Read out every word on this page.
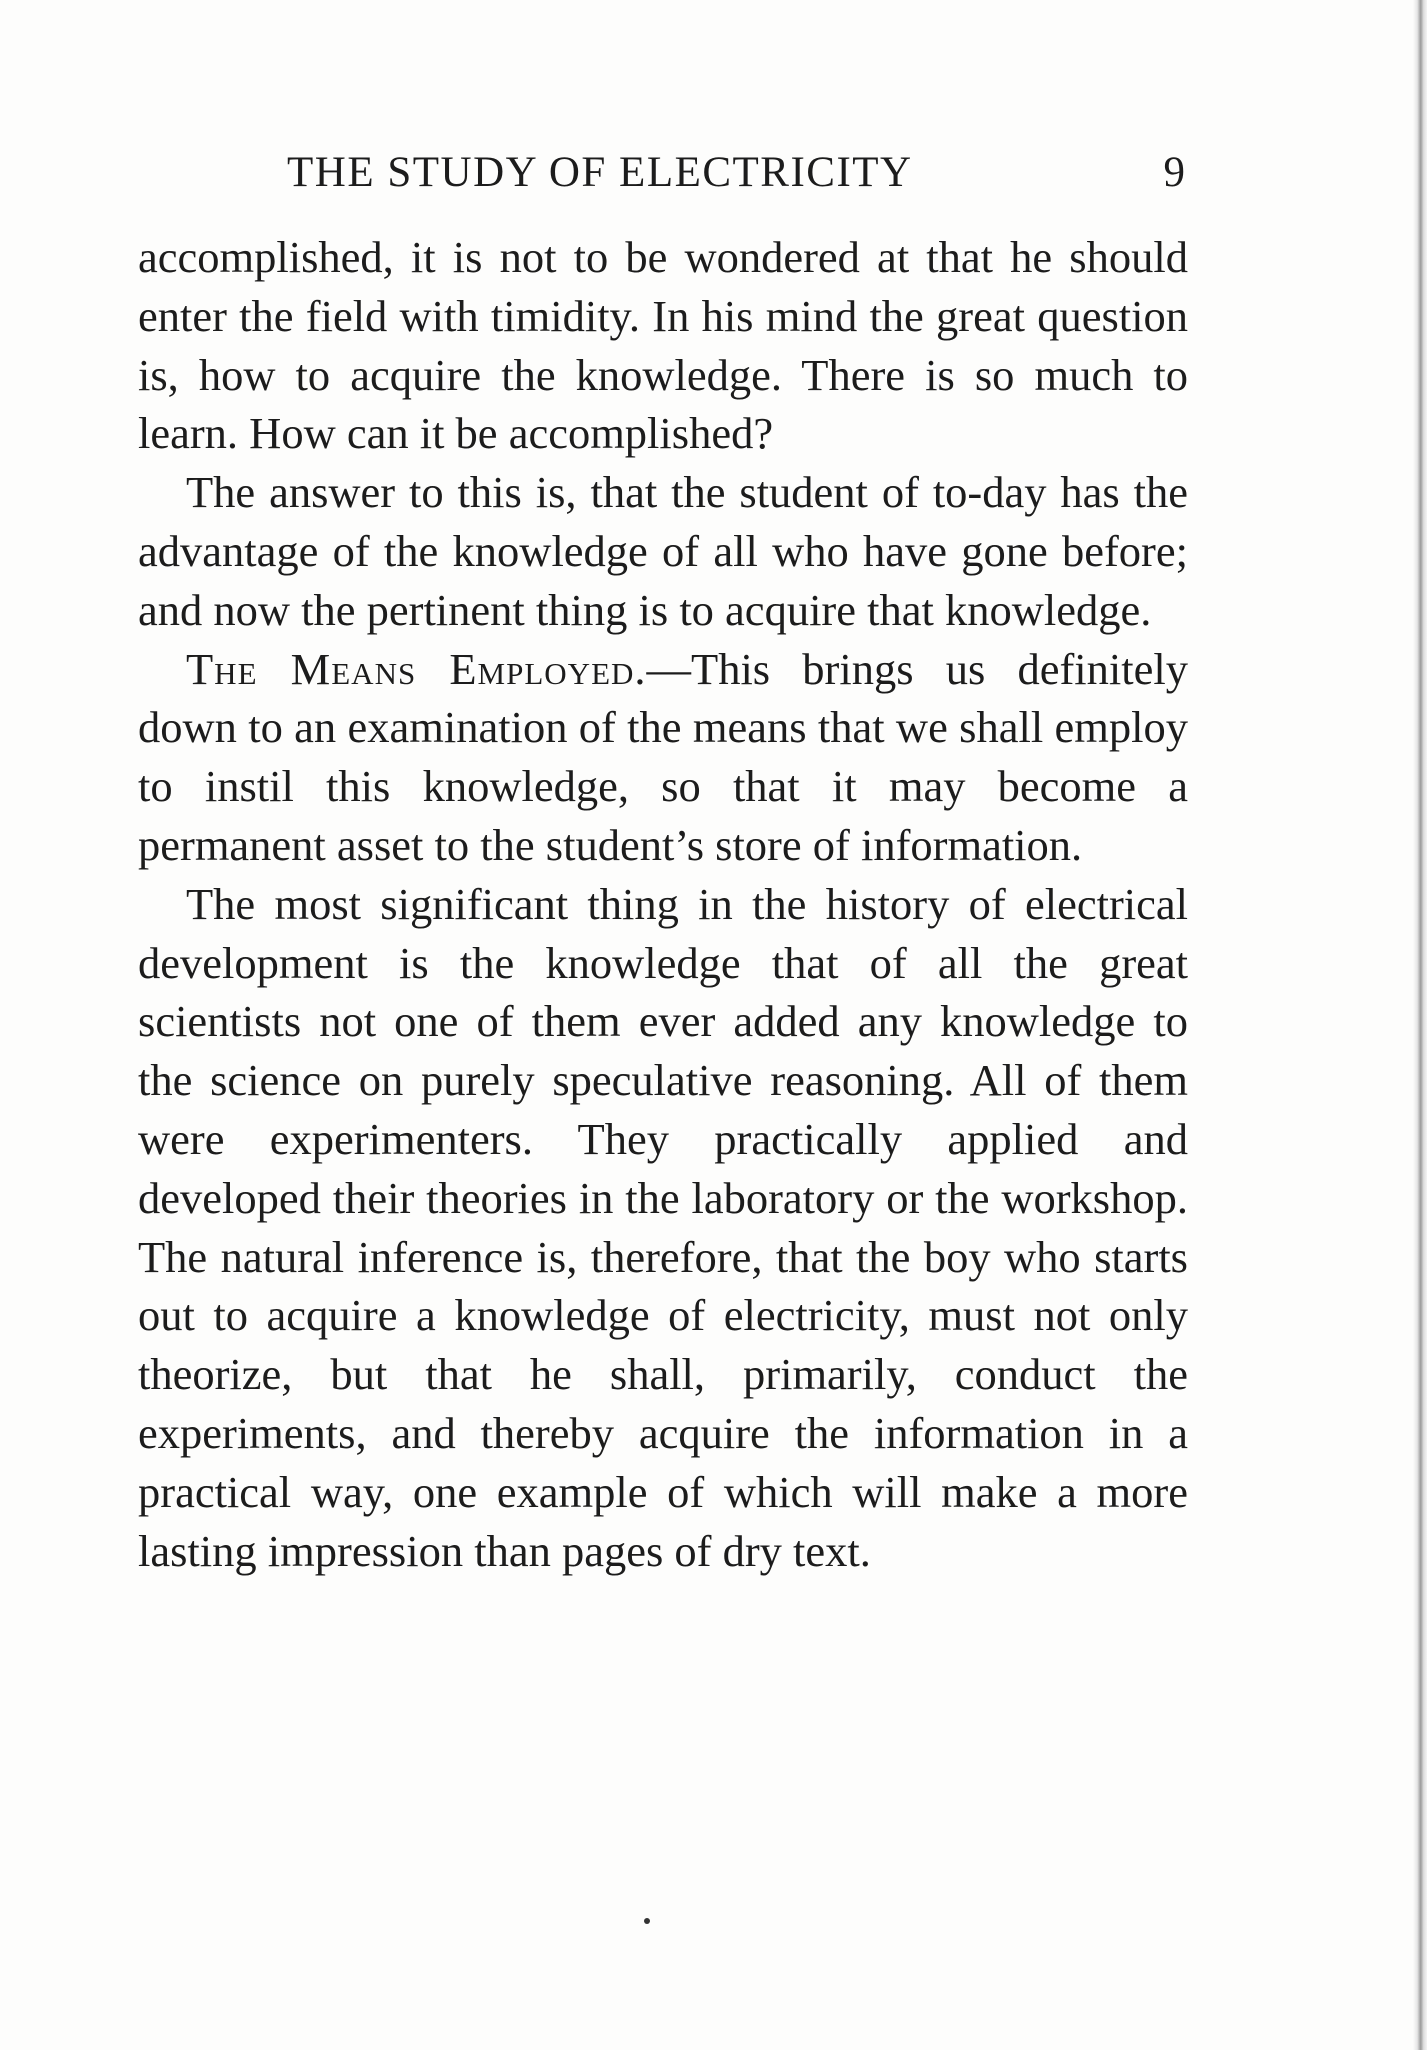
THE STUDY OF ELECTRICITY	9

accomplished, it is not to be wondered at that he should enter the field with timidity. In his mind the great question is, how to acquire the knowledge. There is so much to learn. How can it be accomplished?

The answer to this is, that the student of to-day has the advantage of the knowledge of all who have gone before; and now the pertinent thing is to acquire that knowledge.

The Means Employed.—This brings us definitely down to an examination of the means that we shall employ to instil this knowledge, so that it may become a permanent asset to the student’s store of information.

The most significant thing in the history of electrical development is the knowledge that of all the great scientists not one of them ever added any knowledge to the science on purely speculative reasoning. All of them were experimenters. They practically applied and developed their theories in the laboratory or the workshop. The natural inference is, therefore, that the boy who starts out to acquire a knowledge of electricity, must not only theorize, but that he shall, primarily, conduct the experiments, and thereby acquire the information in a practical way, one example of which will make a more lasting impression than pages of dry text.
